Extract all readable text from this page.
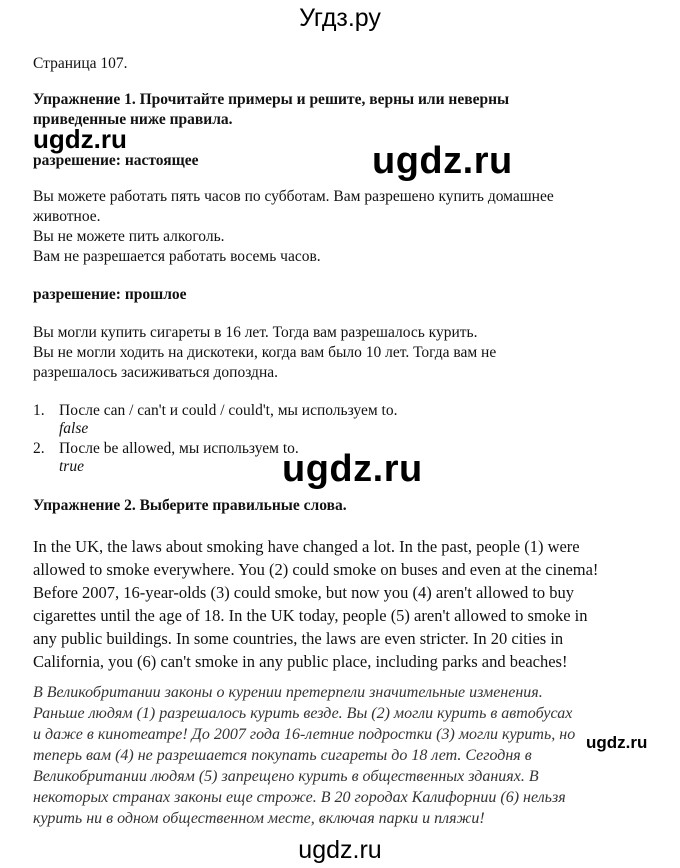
Угдз.ру

Страница 107.

Упражнение 1. Прочитайте примеры и решите, верны или неверны

приведенные ниже правила.

ugdz.ru

разрешение: настоящее	ugdz.ru

Вы можете работать пять часов по субботам. Вам разрешено купить домашнее

животное.

Вы не можете пить алкоголь.

Вам не разрешается работать восемь часов.

разрешение: прошлое

Вы могли купить сигареты в 16 лет. Тогда вам разрешалось курить.

Вы не могли ходить на дискотеки, когда вам было 10 лет. Тогда вам не

разрешалось засиживаться допоздна.

1. После can / can't и could / could't, мы используем to.
false
2. После be allowed, мы используем to.
true	ugdz.ru

Упражнение 2. Выберите правильные слова.

In the UK, the laws about smoking have changed a lot. In the past, people (1) were

allowed to smoke everywhere. You (2) could smoke on buses and even at the cinema!

Before 2007, 16-year-olds (3) could smoke, but now you (4) aren't allowed to buy

cigarettes until the age of 18. In the UK today, people (5) aren't allowed to smoke in

any public buildings. In some countries, the laws are even stricter. In 20 cities in

California, you (6) can't smoke in any public place, including parks and beaches!

В Великобритании законы о курении претерпели значительные изменения.

Раньше людям (1) разрешалось курить везде. Вы (2) могли курить в автобусах

и даже в кинотеатре! До 2007 года 16-летние подростки (3) могли курить, но

теперь вам (4) не разрешается покупать сигареты до 18 лет. Сегодня в

Великобритании людям (5) запрещено курить в общественных зданиях. В

некоторых странах законы еще строже. В 20 городах Калифорнии (6) нельзя

курить ни в одном общественном месте, включая парки и пляжи!

ugdz.ru
ugdz.ru
